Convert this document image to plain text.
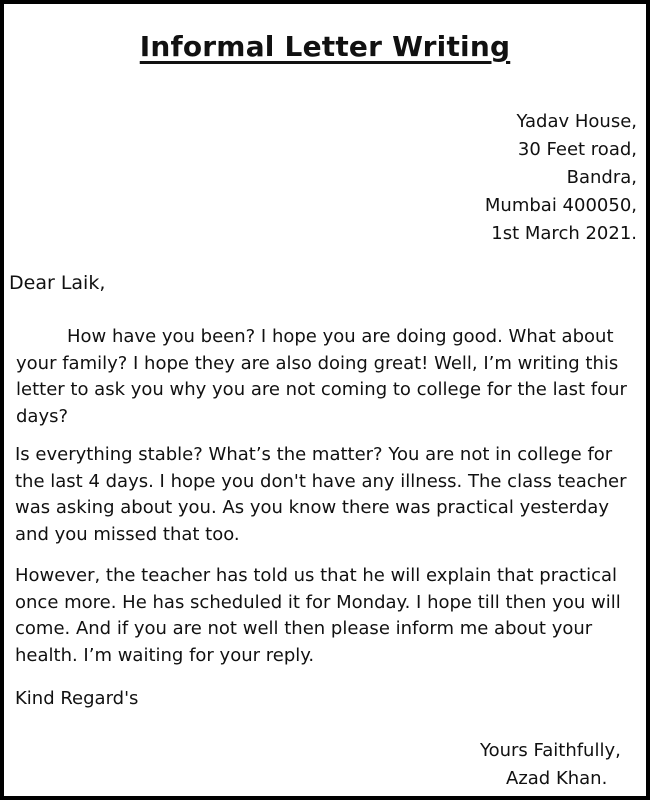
Informal Letter Writing
Yadav House,
30 Feet road,
Bandra,
Mumbai 400050,
1st March 2021.
Dear Laik,

How have you been? I hope you are doing good. What about your family? I hope they are also doing great! Well, I’m writing this letter to ask you why you are not coming to college for the last four days?

Is everything stable? What’s the matter? You are not in college for the last 4 days. I hope you don't have any illness. The class teacher was asking about you. As you know there was practical yesterday and you missed that too.

However, the teacher has told us that he will explain that practical once more. He has scheduled it for Monday. I hope till then you will come. And if you are not well then please inform me about your health. I’m waiting for your reply.

Kind Regard's
Yours Faithfully,
Azad Khan.
